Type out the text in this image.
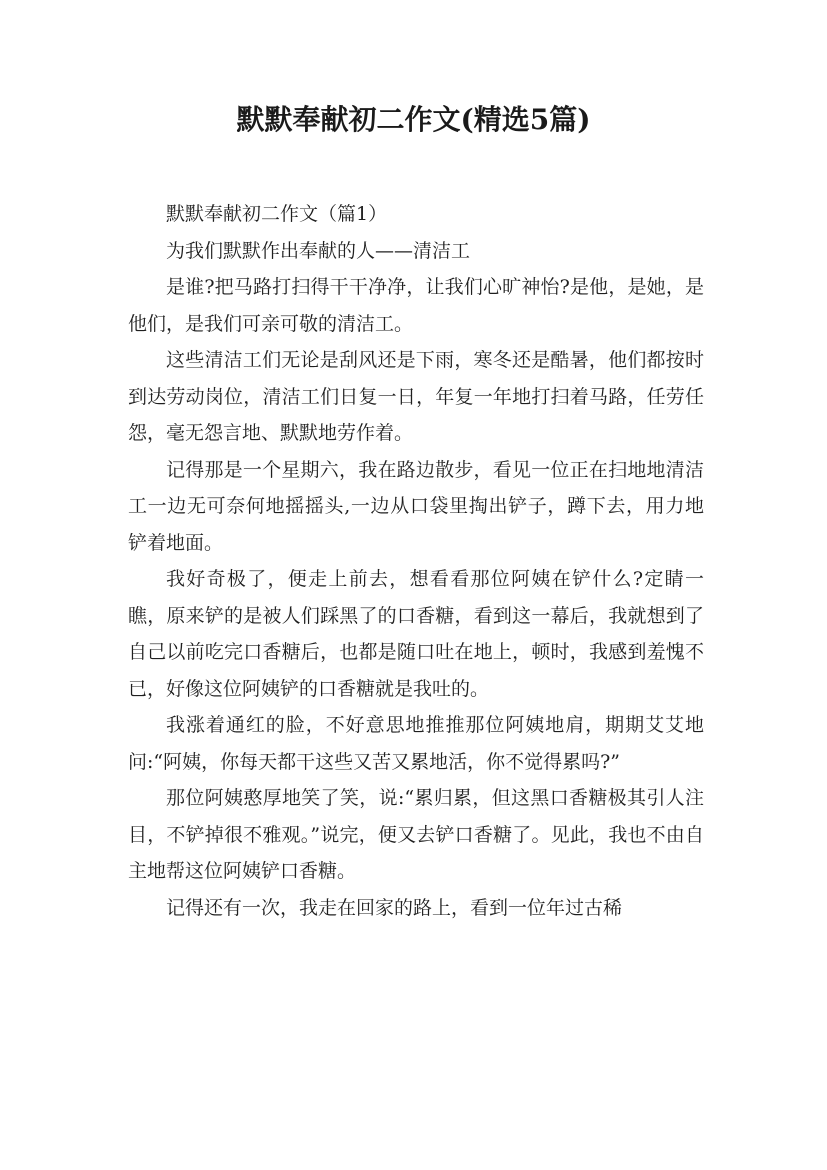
默默奉献初二作文(精选5篇)

默默奉献初二作文（篇1）

为我们默默作出奉献的人——清洁工

是谁?把马路打扫得干干净净，让我们心旷神怡?是他，是她，是他们，是我们可亲可敬的清洁工。

这些清洁工们无论是刮风还是下雨，寒冬还是酷暑，他们都按时到达劳动岗位，清洁工们日复一日，年复一年地打扫着马路，任劳任怨，毫无怨言地、默默地劳作着。

记得那是一个星期六，我在路边散步，看见一位正在扫地地清洁工一边无可奈何地摇摇头,一边从口袋里掏出铲子，蹲下去，用力地铲着地面。

我好奇极了，便走上前去，想看看那位阿姨在铲什么?定睛一瞧，原来铲的是被人们踩黑了的口香糖，看到这一幕后，我就想到了自己以前吃完口香糖后，也都是随口吐在地上，顿时，我感到羞愧不已，好像这位阿姨铲的口香糖就是我吐的。

我涨着通红的脸，不好意思地推推那位阿姨地肩，期期艾艾地问:“阿姨，你每天都干这些又苦又累地活，你不觉得累吗?”

那位阿姨憨厚地笑了笑，说:“累归累，但这黑口香糖极其引人注目，不铲掉很不雅观。”说完，便又去铲口香糖了。见此，我也不由自主地帮这位阿姨铲口香糖。

记得还有一次，我走在回家的路上，看到一位年过古稀
